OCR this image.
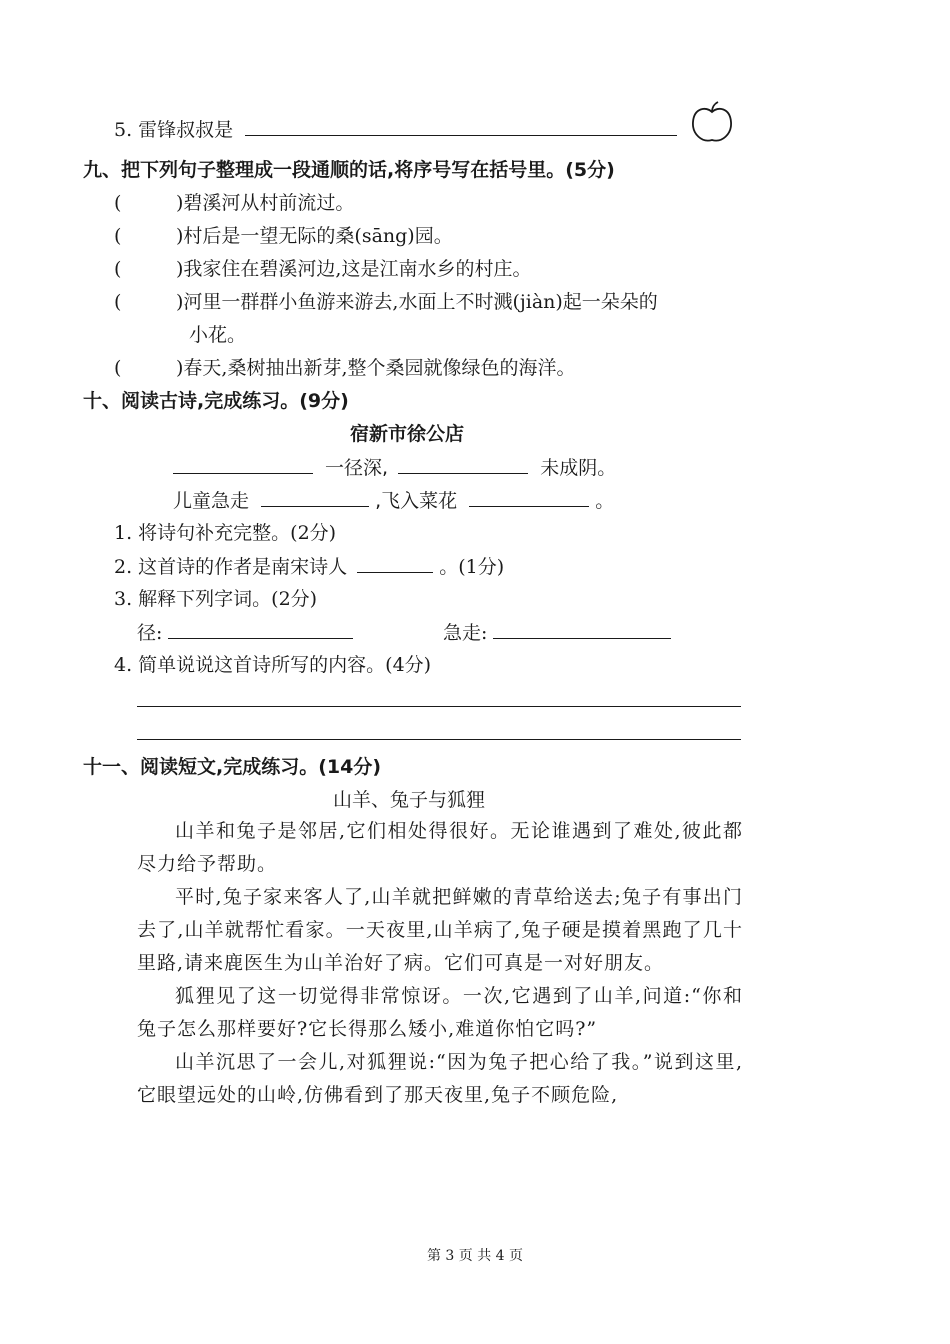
5. 雷锋叔叔是
九、把下列句子整理成一段通顺的话,将序号写在括号里。(5分)
(	)碧溪河从村前流过。
(	)村后是一望无际的桑(sāng)园。
(	)我家住在碧溪河边,这是江南水乡的村庄。
(	)河里一群群小鱼游来游去,水面上不时溅(jiàn)起一朵朵的
小花。
(	)春天,桑树抽出新芽,整个桑园就像绿色的海洋。
十、阅读古诗,完成练习。(9分)
宿新市徐公店
一径深,	未成阴。
儿童急走	,飞入菜花	。
1. 将诗句补充完整。(2分)
2. 这首诗的作者是南宋诗人	。(1分)
3. 解释下列字词。(2分)
径:	急走:
4. 简单说说这首诗所写的内容。(4分)
十一、阅读短文,完成练习。(14分)
山羊、兔子与狐狸

山羊和兔子是邻居,它们相处得很好。无论谁遇到了难处,彼此都尽力给予帮助。

平时,兔子家来客人了,山羊就把鲜嫩的青草给送去;兔子有事出门去了,山羊就帮忙看家。一天夜里,山羊病了,兔子硬是摸着黑跑了几十里路,请来鹿医生为山羊治好了病。它们可真是一对好朋友。

狐狸见了这一切觉得非常惊讶。一次,它遇到了山羊,问道:“你和兔子怎么那样要好?它长得那么矮小,难道你怕它吗?”

山羊沉思了一会儿,对狐狸说:“因为兔子把心给了我。”说到这里,它眼望远处的山岭,仿佛看到了那天夜里,兔子不顾危险,

第 3 页 共 4 页
